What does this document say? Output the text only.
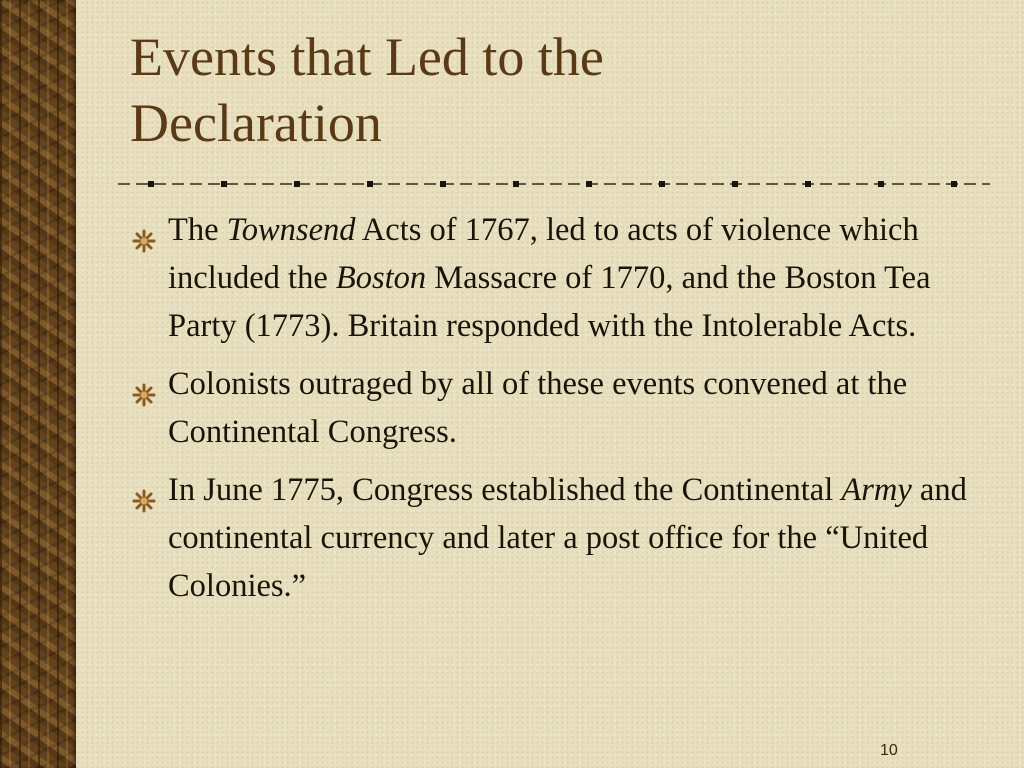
Events that Led to the
Declaration
The Townsend Acts of 1767, led to acts of violence which included the Boston Massacre of 1770, and the Boston Tea Party (1773). Britain responded with the Intolerable Acts.
Colonists outraged by all of these events convened at the Continental Congress.
In June 1775, Congress established the Continental Army and continental currency and later a post office for the “United Colonies.”
10
